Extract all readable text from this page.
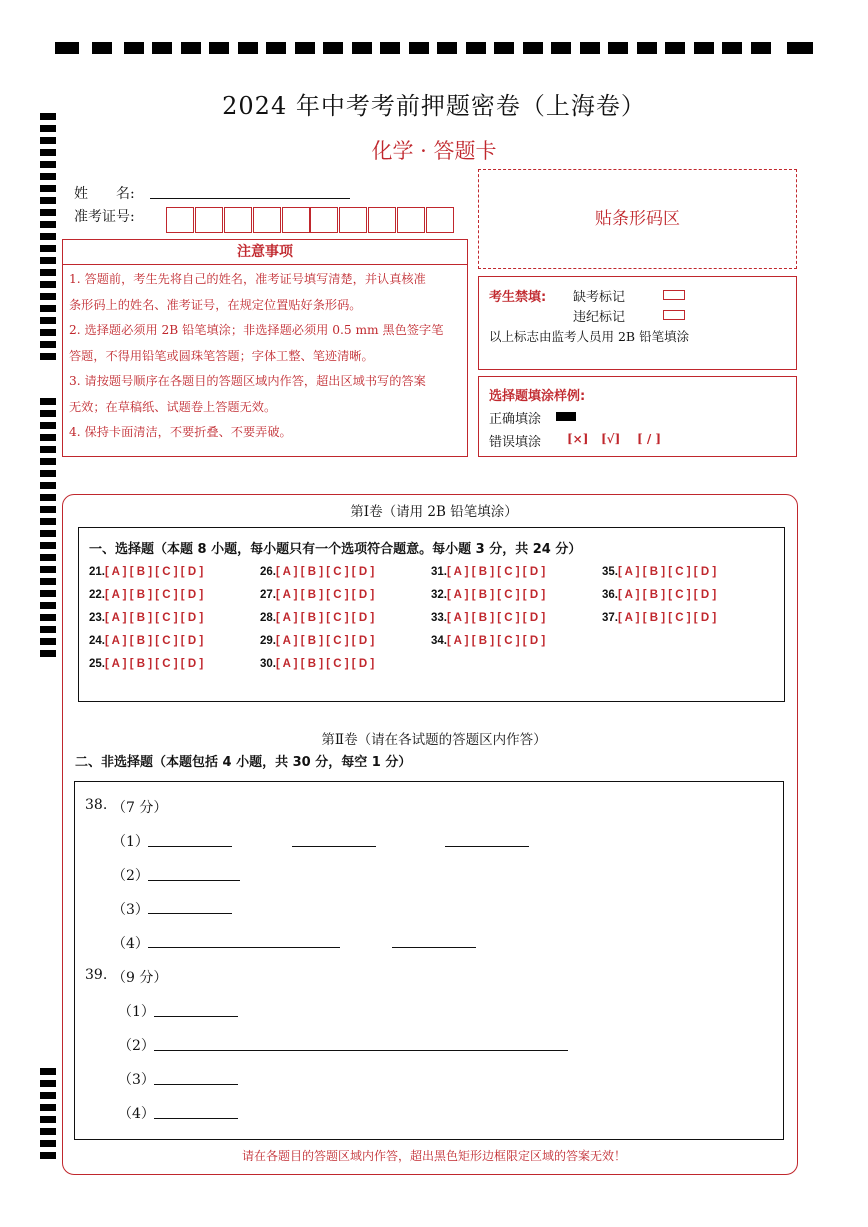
2024 年中考考前押题密卷（上海卷）
化学 · 答题卡
姓　　名:
准考证号:	贴条形码区
注意事项

1. 答题前，考生先将自己的姓名，准考证号填写清楚，并认真核准

条形码上的姓名、准考证号，在规定位置贴好条形码。

2. 选择题必须用 2B 铅笔填涂；非选择题必须用 0.5 mm 黑色签字笔

答题，不得用铅笔或圆珠笔答题；字体工整、笔迹清晰。

3. 请按题号顺序在各题目的答题区域内作答，超出区域书写的答案

无效；在草稿纸、试题卷上答题无效。

4. 保持卡面清洁，不要折叠、不要弄破。

考生禁填: 缺考标记
违纪标记
以上标志由监考人员用 2B 铅笔填涂
选择题填涂样例:
正确填涂
错误填涂 [×] [√] [ / ]
第Ⅰ卷（请用 2B 铅笔填涂）
一、选择题（本题 8 小题，每小题只有一个选项符合题意。每小题 3 分，共 24 分）
21.[ A ] [ B ] [ C ] [ D ]
22.[ A ] [ B ] [ C ] [ D ]
23.[ A ] [ B ] [ C ] [ D ]
24.[ A ] [ B ] [ C ] [ D ]
25.[ A ] [ B ] [ C ] [ D ]
26.[ A ] [ B ] [ C ] [ D ]
27.[ A ] [ B ] [ C ] [ D ]
28.[ A ] [ B ] [ C ] [ D ]
29.[ A ] [ B ] [ C ] [ D ]
30.[ A ] [ B ] [ C ] [ D ]
31.[ A ] [ B ] [ C ] [ D ]
32.[ A ] [ B ] [ C ] [ D ]
33.[ A ] [ B ] [ C ] [ D ]
34.[ A ] [ B ] [ C ] [ D ]
35.[ A ] [ B ] [ C ] [ D ]
36.[ A ] [ B ] [ C ] [ D ]
37.[ A ] [ B ] [ C ] [ D ]
第Ⅱ卷（请在各试题的答题区内作答）
二、非选择题（本题包括 4 小题，共 30 分，每空 1 分）
38. （7 分）
（1）
（2）
（3）
（4）
39. （9 分）
（1）
（2）
（3）
（4）
请在各题目的答题区域内作答，超出黑色矩形边框限定区域的答案无效！
